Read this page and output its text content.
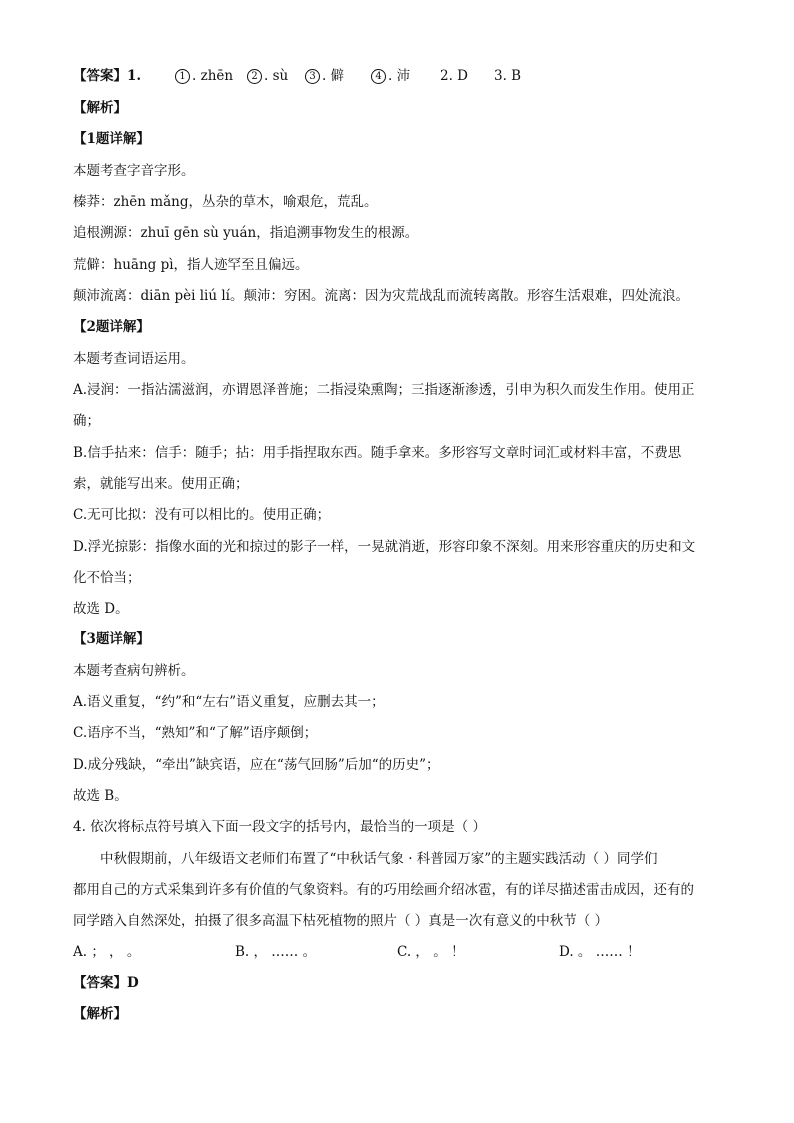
【答案】1.	1 . zhēn	2 . sù	3 . 僻	4 . 沛	2. D	3. B
【解析】
【1题详解】
本题考查字音字形。
榛莽：zhēn mǎng，丛杂的草木，喻艰危，荒乱。
追根溯源：zhuī gēn sù yuán，指追溯事物发生的根源。
荒僻：huāng pì，指人迹罕至且偏远。
颠沛流离：diān pèi liú lí。颠沛：穷困。流离：因为灾荒战乱而流转离散。形容生活艰难，四处流浪。
【2题详解】
本题考查词语运用。
A.浸润：一指沾濡滋润，亦谓恩泽普施；二指浸染熏陶；三指逐渐渗透，引申为积久而发生作用。使用正
确；
B.信手拈来：信手：随手；拈：用手指捏取东西。随手拿来。多形容写文章时词汇或材料丰富，不费思
索，就能写出来。使用正确；
C.无可比拟：没有可以相比的。使用正确；
D.浮光掠影：指像水面的光和掠过的影子一样，一晃就消逝，形容印象不深刻。用来形容重庆的历史和文
化不恰当；
故选 D。
【3题详解】
本题考查病句辨析。
A.语义重复，“约”和“左右”语义重复，应删去其一；
C.语序不当，“熟知”和“了解”语序颠倒；
D.成分残缺，“牵出”缺宾语，应在“荡气回肠”后加“的历史”；
故选 B。
4. 依次将标点符号填入下面一段文字的括号内，最恰当的一项是（ ）
中秋假期前，八年级语文老师们布置了“中秋话气象 · 科普园万家”的主题实践活动（ ）同学们
都用自己的方式采集到许多有价值的气象资料。有的巧用绘画介绍冰雹，有的详尽描述雷击成因，还有的
同学踏入自然深处，拍摄了很多高温下枯死植物的照片（ ）真是一次有意义的中秋节（ ）
A. ； ， 。	B. ， …… 。	C. ， 。 ！	D. 。 …… ！
【答案】D
【解析】
